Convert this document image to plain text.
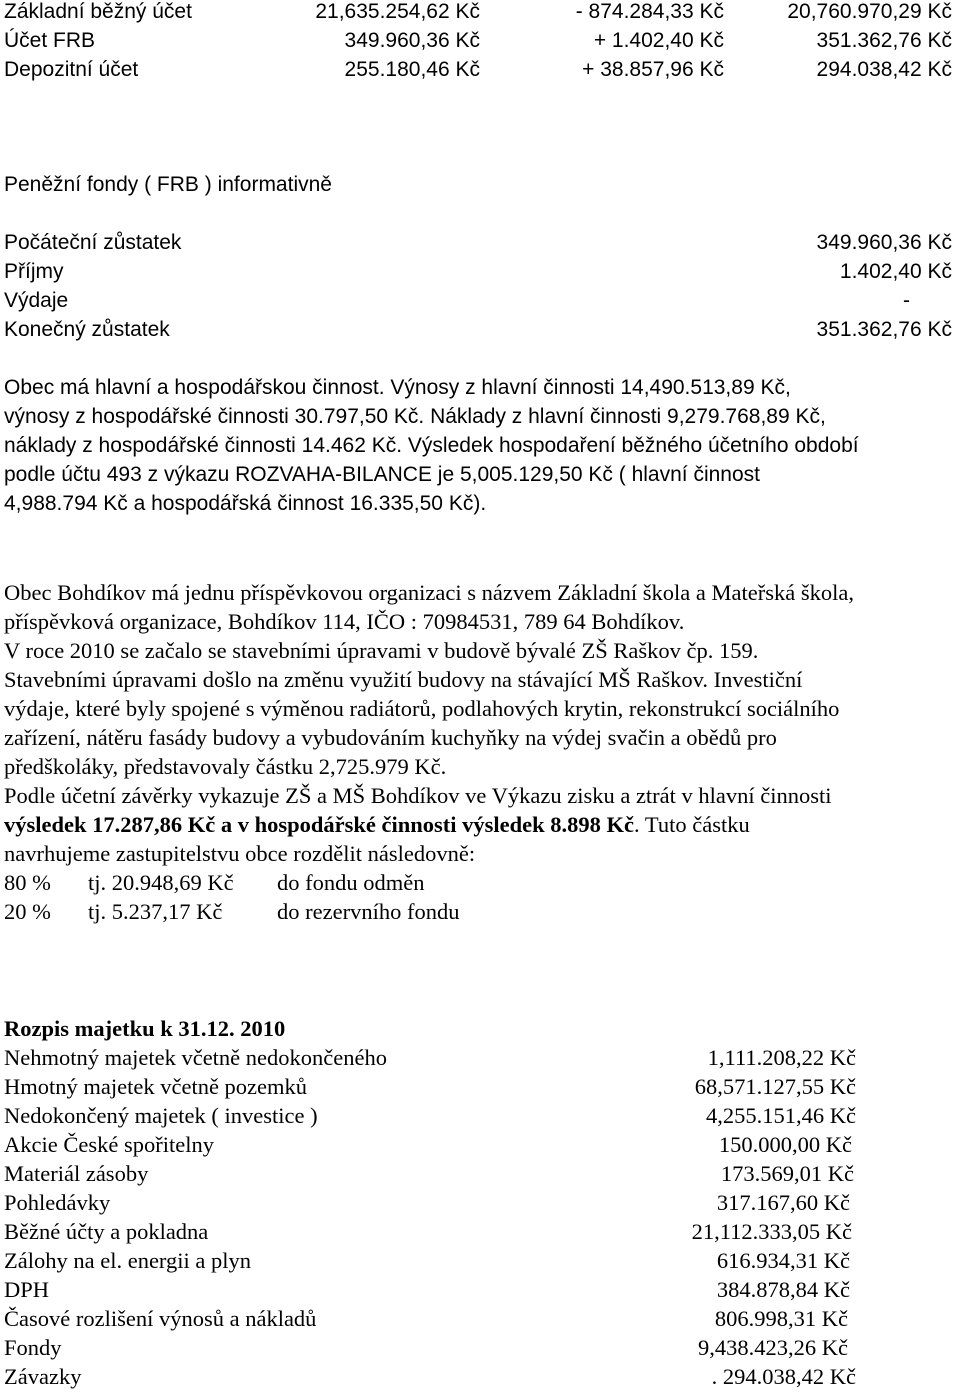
Základní běžný účet	21,635.254,62 Kč	- 874.284,33 Kč	20,760.970,29 Kč
Účet FRB	349.960,36 Kč	+ 1.402,40 Kč	351.362,76 Kč
Depozitní účet	255.180,46 Kč	+ 38.857,96 Kč	294.038,42 Kč
Peněžní fondy ( FRB ) informativně
Počáteční zůstatek	349.960,36 Kč
Příjmy	1.402,40 Kč
Výdaje	-
Konečný zůstatek	351.362,76 Kč
Obec má hlavní a hospodářskou činnost. Výnosy z hlavní činnosti 14,490.513,89 Kč,
výnosy z hospodářské činnosti 30.797,50 Kč. Náklady z hlavní činnosti 9,279.768,89 Kč,
náklady z hospodářské činnosti 14.462 Kč. Výsledek hospodaření běžného účetního období
podle účtu 493 z výkazu ROZVAHA-BILANCE je 5,005.129,50 Kč ( hlavní činnost
4,988.794 Kč a hospodářská činnost 16.335,50 Kč).
Obec Bohdíkov má jednu příspěvkovou organizaci s názvem Základní škola a Mateřská škola,
příspěvková organizace, Bohdíkov 114, IČO : 70984531, 789 64 Bohdíkov.
V roce 2010 se začalo se stavebními úpravami v budově bývalé ZŠ Raškov čp. 159.
Stavebními úpravami došlo na změnu využití budovy na stávající MŠ Raškov. Investiční
výdaje, které byly spojené s výměnou radiátorů, podlahových krytin, rekonstrukcí sociálního
zařízení, nátěru fasády budovy a vybudováním kuchyňky na výdej svačin a obědů pro
předškoláky, představovaly částku 2,725.979 Kč.
Podle účetní závěrky vykazuje ZŠ a MŠ Bohdíkov ve Výkazu zisku a ztrát v hlavní činnosti
výsledek 17.287,86 Kč a v hospodářské činnosti výsledek 8.898 Kč. Tuto částku
navrhujeme zastupitelstvu obce rozdělit následovně:
80 % tj. 20.948,69 Kč do fondu odměn
20 % tj. 5.237,17 Kč do rezervního fondu
Rozpis majetku k 31.12. 2010
Nehmotný majetek včetně nedokončeného	1,111.208,22 Kč
Hmotný majetek včetně pozemků	68,571.127,55 Kč
Nedokončený majetek ( investice )	4,255.151,46 Kč
Akcie České spořitelny	150.000,00 Kč
Materiál zásoby	173.569,01 Kč
Pohledávky	317.167,60 Kč
Běžné účty a pokladna	21,112.333,05 Kč
Zálohy na el. energii a plyn	616.934,31 Kč
DPH	384.878,84 Kč
Časové rozlišení výnosů a nákladů	806.998,31 Kč
Fondy	9,438.423,26 Kč
Závazky	. 294.038,42 Kč
